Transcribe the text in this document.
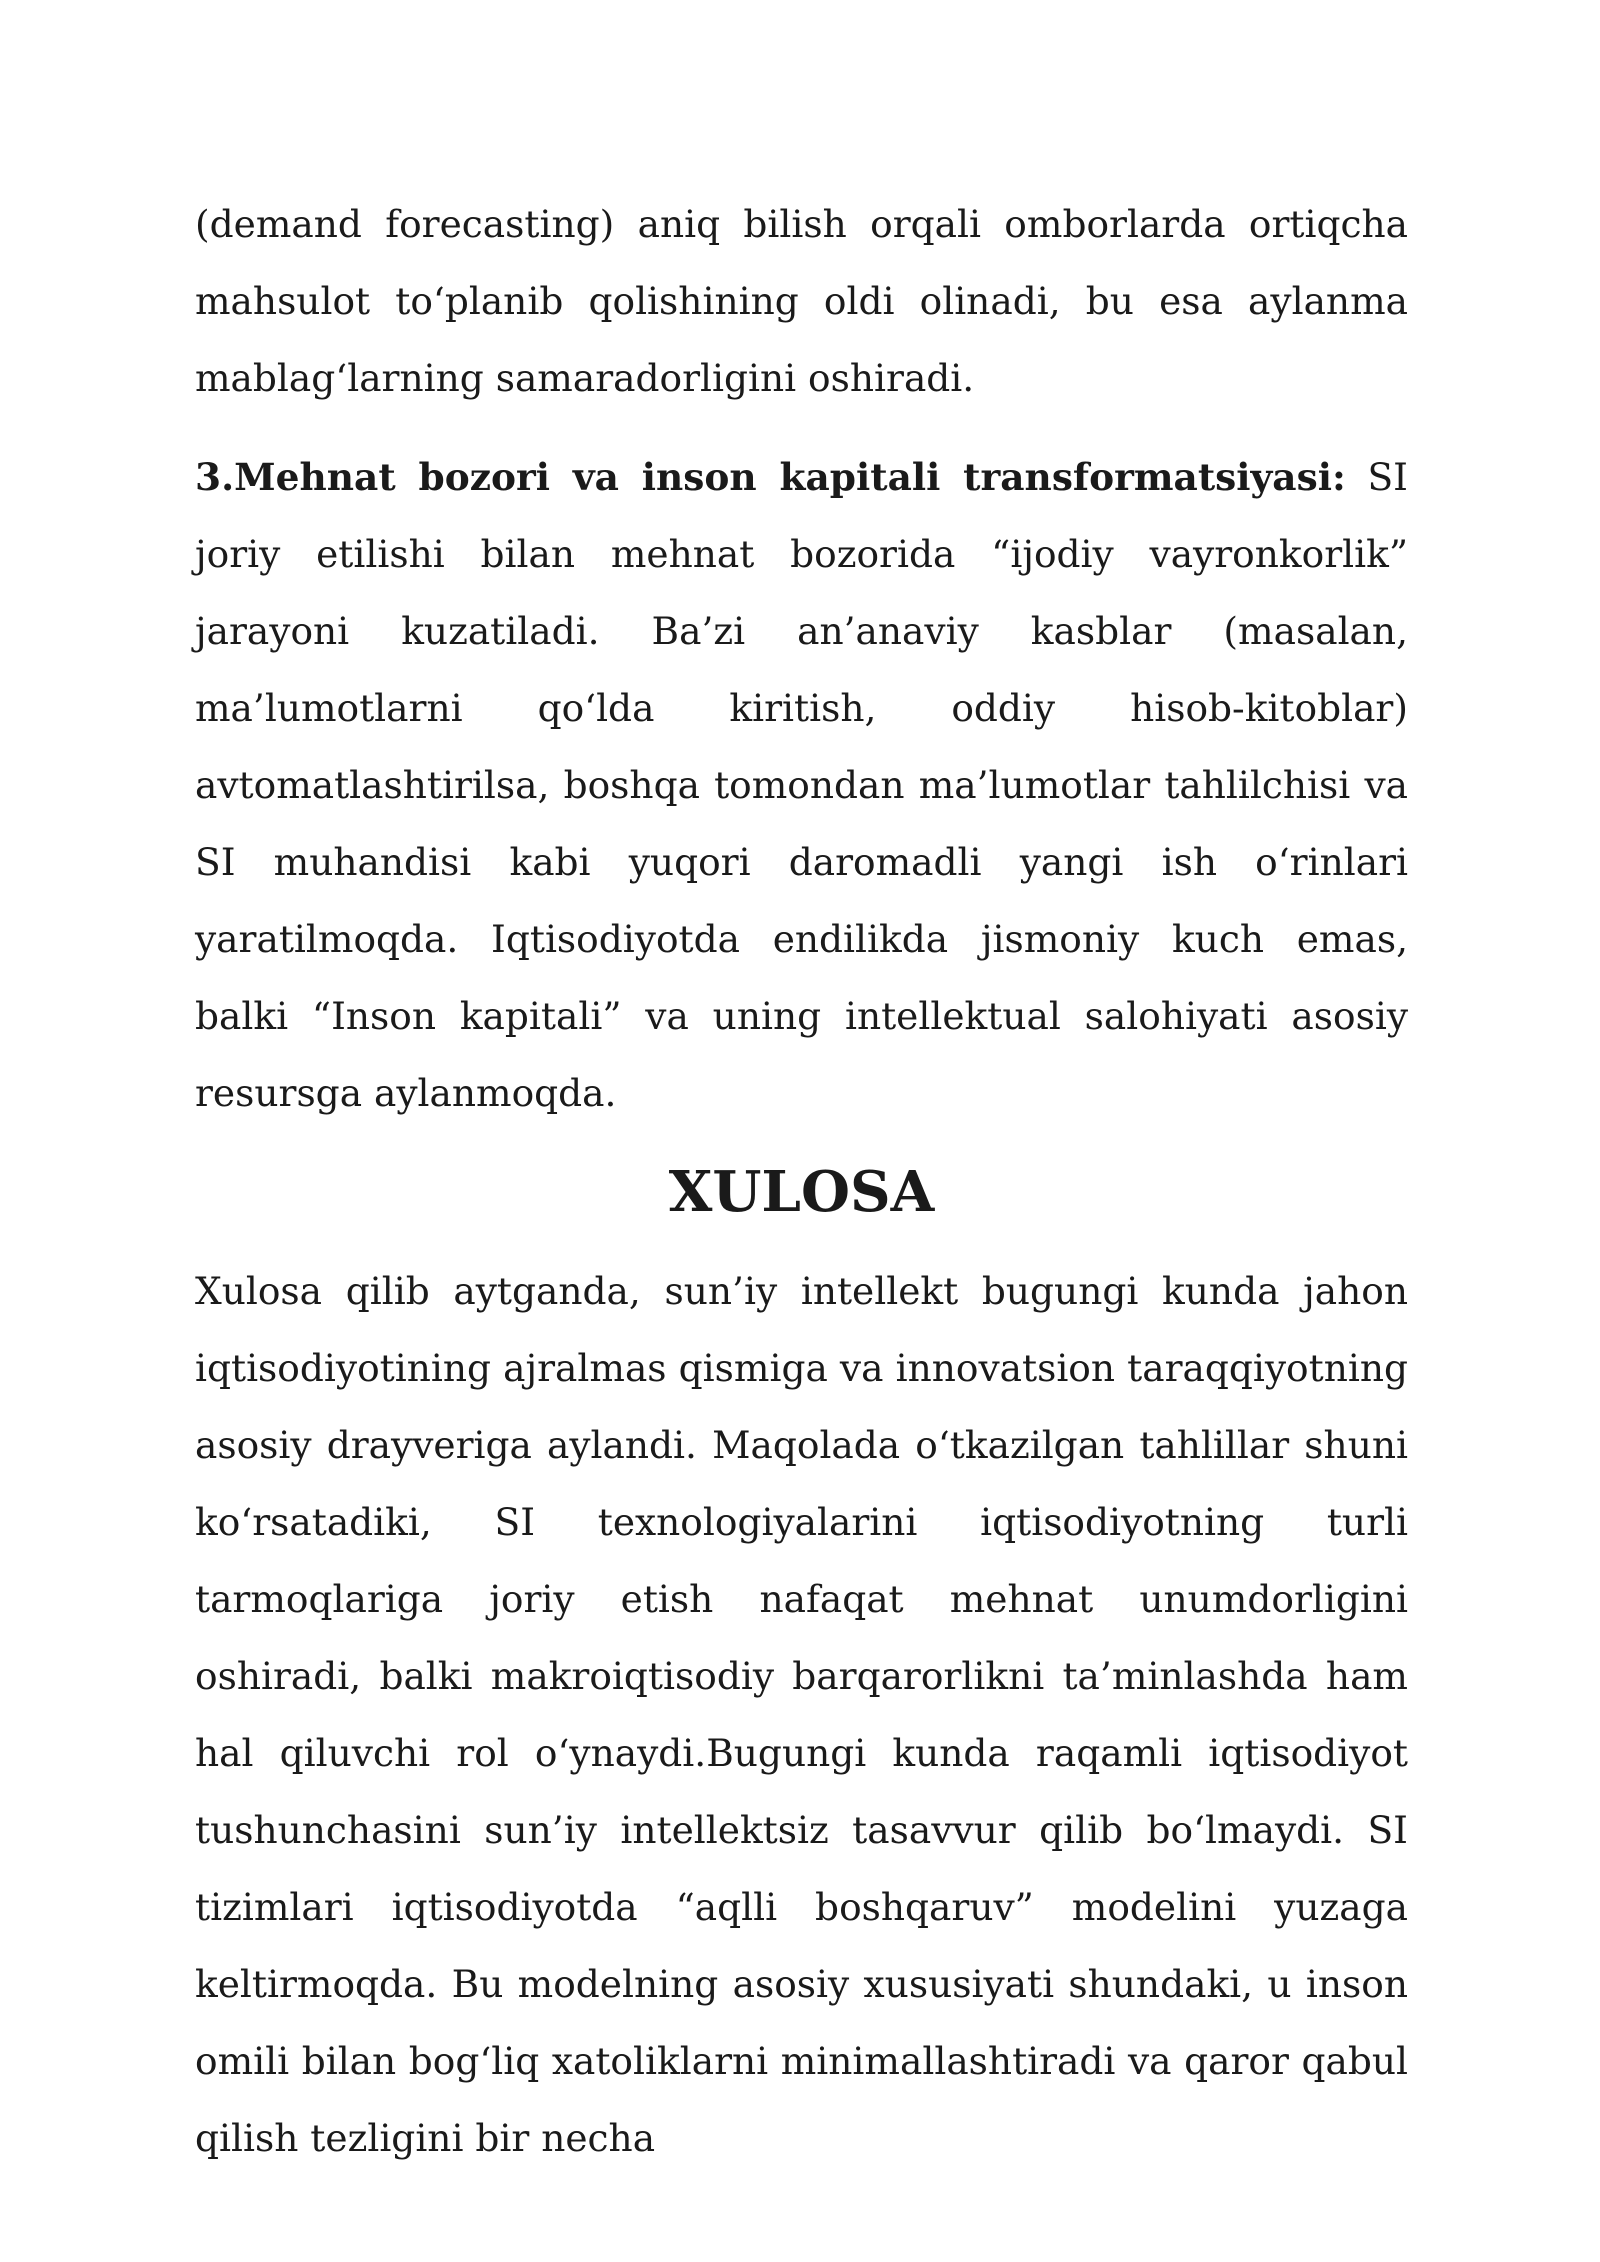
(demand forecasting) aniq bilish orqali omborlarda ortiqcha mahsulot to‘planib qolishining oldi olinadi, bu esa aylanma mablag‘larning samaradorligini oshiradi.

3.Mehnat bozori va inson kapitali transformatsiyasi: SI joriy etilishi bilan mehnat bozorida “ijodiy vayronkorlik” jarayoni kuzatiladi. Ba’zi an’anaviy kasblar (masalan, ma’lumotlarni qo‘lda kiritish, oddiy hisob-kitoblar) avtomatlashtirilsa, boshqa tomondan ma’lumotlar tahlilchisi va SI muhandisi kabi yuqori daromadli yangi ish o‘rinlari yaratilmoqda. Iqtisodiyotda endilikda jismoniy kuch emas, balki “Inson kapitali” va uning intellektual salohiyati asosiy resursga aylanmoqda.

XULOSA

Xulosa qilib aytganda, sun’iy intellekt bugungi kunda jahon iqtisodiyotining ajralmas qismiga va innovatsion taraqqiyotning asosiy drayveriga aylandi. Maqolada o‘tkazilgan tahlillar shuni ko‘rsatadiki, SI texnologiyalarini iqtisodiyotning turli tarmoqlariga joriy etish nafaqat mehnat unumdorligini oshiradi, balki makroiqtisodiy barqarorlikni ta’minlashda ham hal qiluvchi rol o‘ynaydi.Bugungi kunda raqamli iqtisodiyot tushunchasini sun’iy intellektsiz tasavvur qilib bo‘lmaydi. SI tizimlari iqtisodiyotda “aqlli boshqaruv” modelini yuzaga keltirmoqda. Bu modelning asosiy xususiyati shundaki, u inson omili bilan bog‘liq xatoliklarni minimallashtiradi va qaror qabul qilish tezligini bir necha
